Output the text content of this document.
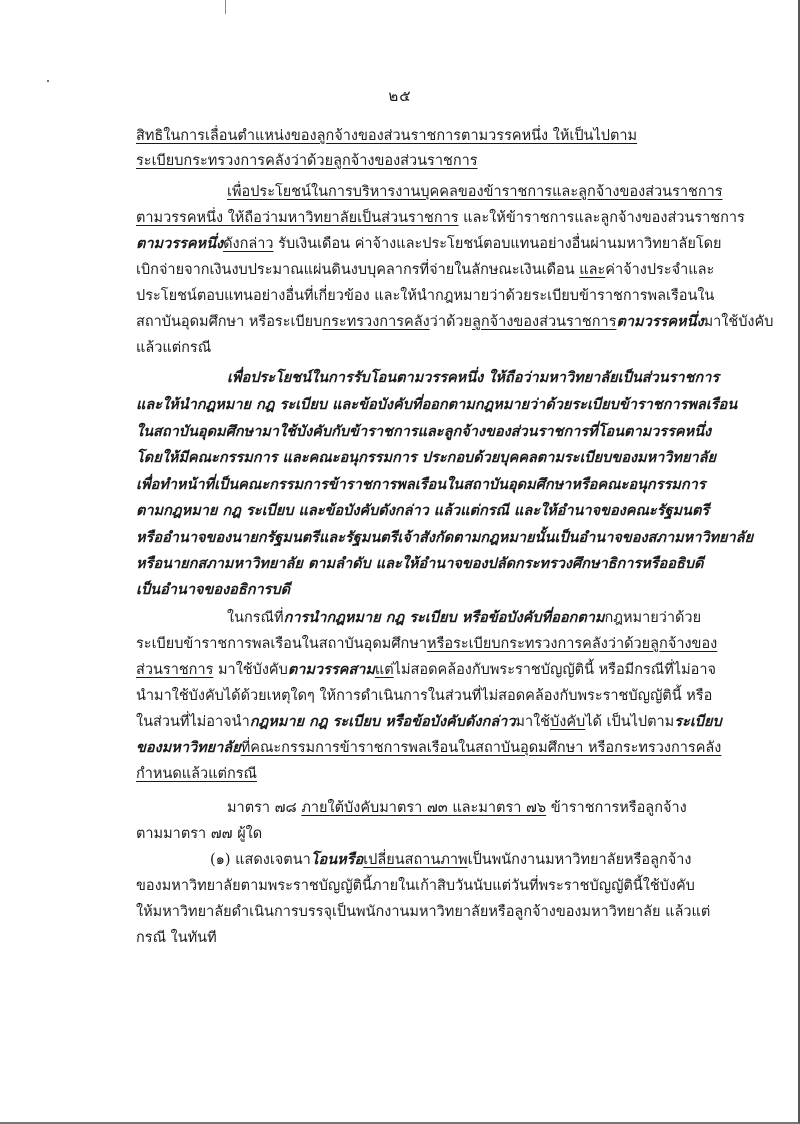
๒๕
สิทธิในการเลื่อนตำแหน่งของลูกจ้างของส่วนราชการตามวรรคหนึ่ง ให้เป็นไปตาม
ระเบียบกระทรวงการคลังว่าด้วยลูกจ้างของส่วนราชการ
เพื่อประโยชน์ในการบริหารงานบุคคลของข้าราชการและลูกจ้างของส่วนราชการ
ตามวรรคหนึ่ง ให้ถือว่ามหาวิทยาลัยเป็นส่วนราชการ และให้ข้าราชการและลูกจ้างของส่วนราชการ
ตามวรรคหนึ่งดังกล่าว รับเงินเดือน ค่าจ้างและประโยชน์ตอบแทนอย่างอื่นผ่านมหาวิทยาลัยโดย
เบิกจ่ายจากเงินงบประมาณแผ่นดินงบบุคลากรที่จ่ายในลักษณะเงินเดือน และค่าจ้างประจำและ
ประโยชน์ตอบแทนอย่างอื่นที่เกี่ยวข้อง และให้นำกฎหมายว่าด้วยระเบียบข้าราชการพลเรือนใน
สถาบันอุดมศึกษา หรือระเบียบกระทรวงการคลังว่าด้วยลูกจ้างของส่วนราชการตามวรรคหนึ่งมาใช้บังคับ
แล้วแต่กรณี
เพื่อประโยชน์ในการรับโอนตามวรรคหนึ่ง ให้ถือว่ามหาวิทยาลัยเป็นส่วนราชการ
และให้นำกฎหมาย กฎ ระเบียบ และข้อบังคับที่ออกตามกฎหมายว่าด้วยระเบียบข้าราชการพลเรือน
ในสถาบันอุดมศึกษามาใช้บังคับกับข้าราชการและลูกจ้างของส่วนราชการที่โอนตามวรรคหนึ่ง
โดยให้มีคณะกรรมการ และคณะอนุกรรมการ ประกอบด้วยบุคคลตามระเบียบของมหาวิทยาลัย
เพื่อทำหน้าที่เป็นคณะกรรมการข้าราชการพลเรือนในสถาบันอุดมศึกษาหรือคณะอนุกรรมการ
ตามกฎหมาย กฎ ระเบียบ และข้อบังคับดังกล่าว แล้วแต่กรณี และให้อำนาจของคณะรัฐมนตรี
หรืออำนาจของนายกรัฐมนตรีและรัฐมนตรีเจ้าสังกัดตามกฎหมายนั้นเป็นอำนาจของสภามหาวิทยาลัย
หรือนายกสภามหาวิทยาลัย ตามลำดับ และให้อำนาจของปลัดกระทรวงศึกษาธิการหรืออธิบดี
เป็นอำนาจของอธิการบดี
ในกรณีที่การนำกฎหมาย กฎ ระเบียบ หรือข้อบังคับที่ออกตามกฎหมายว่าด้วย
ระเบียบข้าราชการพลเรือนในสถาบันอุดมศึกษาหรือระเบียบกระทรวงการคลังว่าด้วยลูกจ้างของ
ส่วนราชการ มาใช้บังคับตามวรรคสามแต่ไม่สอดคล้องกับพระราชบัญญัตินี้ หรือมีกรณีที่ไม่อาจ
นำมาใช้บังคับได้ด้วยเหตุใดๆ ให้การดำเนินการในส่วนที่ไม่สอดคล้องกับพระราชบัญญัตินี้ หรือ
ในส่วนที่ไม่อาจนำกฎหมาย กฎ ระเบียบ หรือข้อบังคับดังกล่าวมาใช้บังคับได้ เป็นไปตามระเบียบ
ของมหาวิทยาลัยที่คณะกรรมการข้าราชการพลเรือนในสถาบันอุดมศึกษา หรือกระทรวงการคลัง
กำหนดแล้วแต่กรณี
มาตรา ๗๘ ภายใต้บังคับมาตรา ๗๓ และมาตรา ๗๖ ข้าราชการหรือลูกจ้าง
ตามมาตรา ๗๗ ผู้ใด
(๑) แสดงเจตนาโอนหรือเปลี่ยนสถานภาพเป็นพนักงานมหาวิทยาลัยหรือลูกจ้าง
ของมหาวิทยาลัยตามพระราชบัญญัตินี้ภายในเก้าสิบวันนับแต่วันที่พระราชบัญญัตินี้ใช้บังคับ
ให้มหาวิทยาลัยดำเนินการบรรจุเป็นพนักงานมหาวิทยาลัยหรือลูกจ้างของมหาวิทยาลัย แล้วแต่
กรณี ในทันที
